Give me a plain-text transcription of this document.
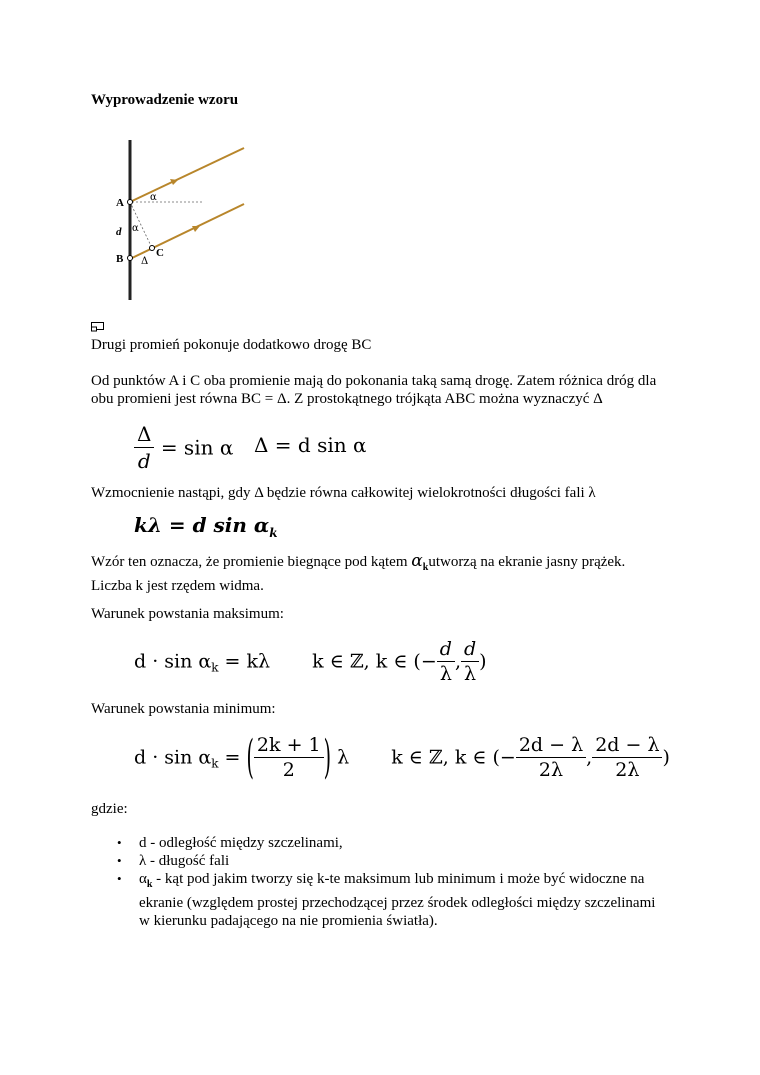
Wyprowadzenie wzoru
A
B	C
d
α
α
Δ
Drugi promień pokonuje dodatkowo drogę BC
Od punktów A i C oba promienie mają do pokonania taką samą drogę. Zatem różnica dróg dla
obu promieni jest równa BC = Δ. Z prostokątnego trójkąta ABC można wyznaczyć Δ
$\frac{\Delta}{d} = \sin \alpha$ Δ = d sin α
Wzmocnienie nastąpi, gdy Δ będzie równa całkowitej wielokrotności długości fali λ
kλ = d $\sin \alpha_k$
Wzór ten oznacza, że promienie biegnące pod kątem $\alpha_kutworzą$ na ekranie jasny prążek.
Liczba k jest rzędem widma.
Warunek powstania maksimum:
$d \cdot \sin \alpha_k = k\lambda$ k ∈ ℤ, k ∈ (− $\frac{d}{\lambda}$ , $\frac{d}{\lambda}$ )
Warunek powstania minimum:
$d \cdot \sin \alpha_k$ = ( $\frac{2k + 1}{2}$ ) λ k ∈ ℤ, k ∈ (− $\frac{2d - \lambda}{2\lambda}$ , $\frac{2d - \lambda}{2\lambda}$ )
gdzie:
• d - odległość między szczelinami,
• λ - długość fali
• $\alpha_k$ - kąt pod jakim tworzy się k-te maksimum lub minimum i może być widoczne na
ekranie (względem prostej przechodzącej przez środek odległości między szczelinami
w kierunku padającego na nie promienia światła).
